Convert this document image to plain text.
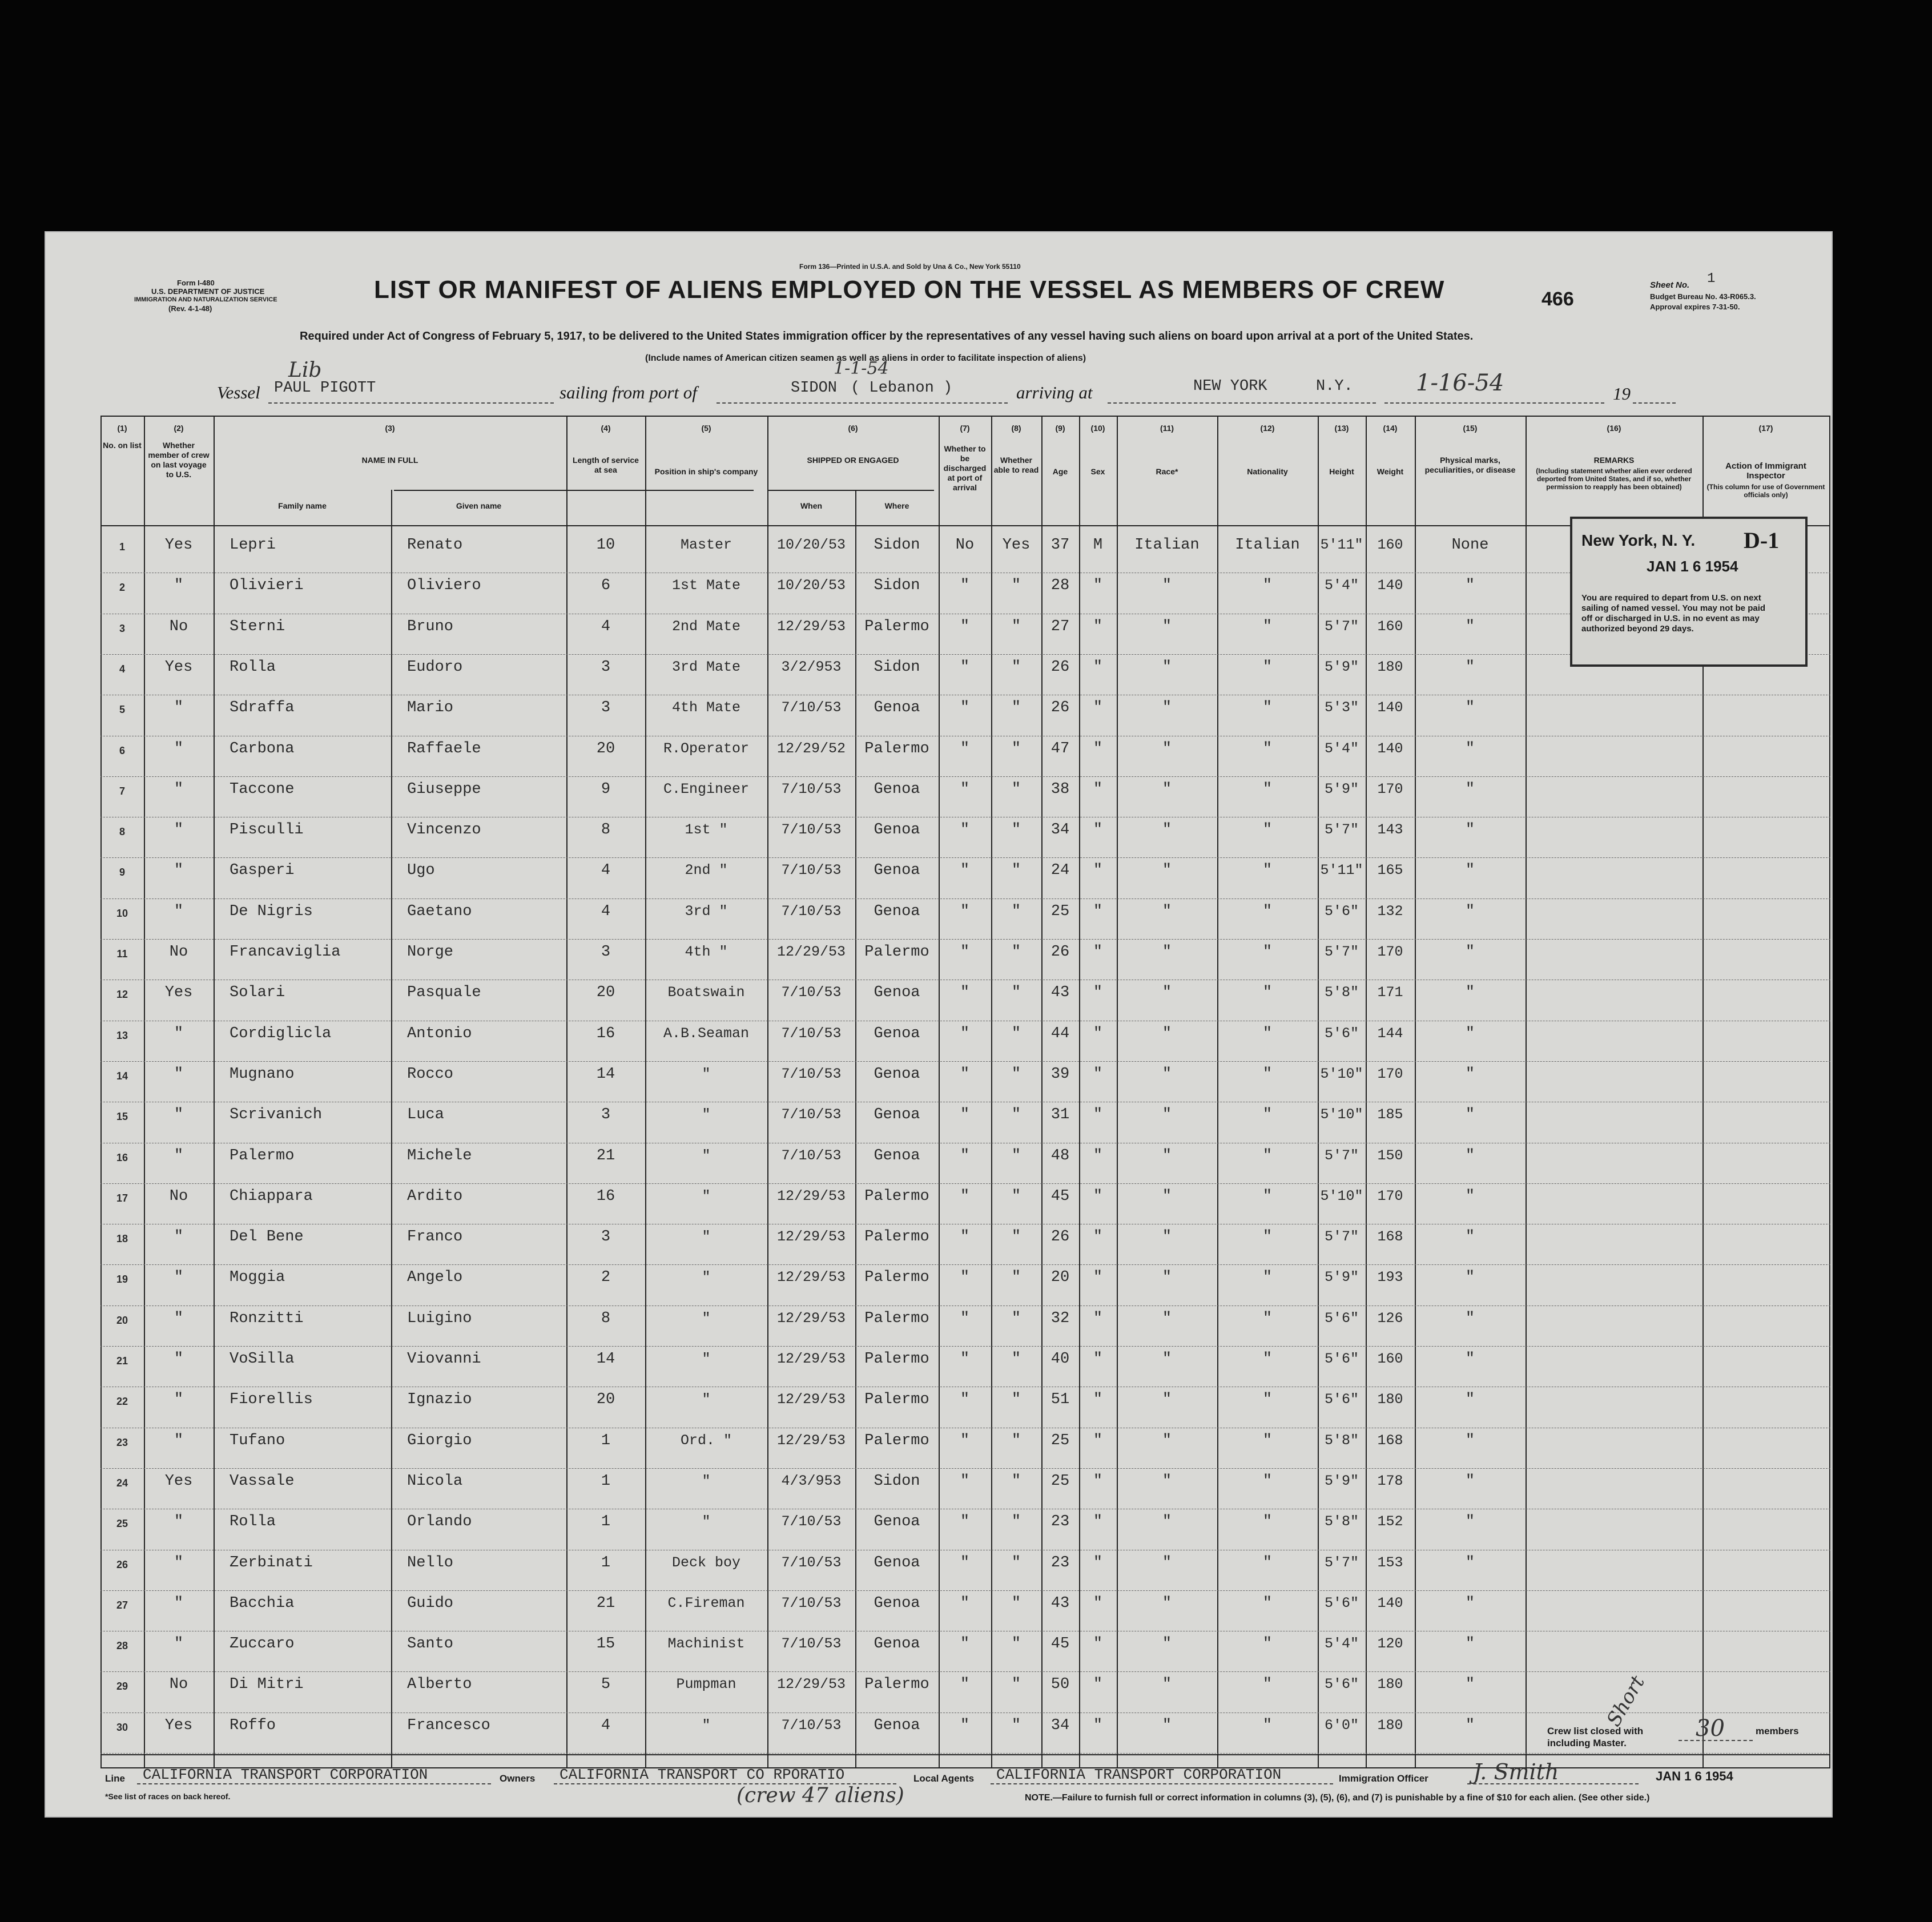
Form 136—Printed in U.S.A. and Sold by Una & Co., New York 55110
Form I-480
U.S. DEPARTMENT OF JUSTICE
IMMIGRATION AND NATURALIZATION SERVICE
(Rev. 4-1-48)
LIST OR MANIFEST OF ALIENS EMPLOYED ON THE VESSEL AS MEMBERS OF CREW	466
Sheet No. 1
Budget Bureau No. 43-R065.3.
Approval expires 7-31-50.
Required under Act of Congress of February 5, 1917, to be delivered to the United States immigration officer by the representatives of any vessel having such aliens on board upon arrival at a port of the United States.
(Include names of American citizen seamen as well as aliens in order to facilitate inspection of aliens)
Vessel
Lib
PAUL PIGOTT	sailing from port of
1-1-54
SIDON ( Lebanon )	arriving at	NEW YORK	N.Y.	1-16-54	19
(1)
No. on list
(2)
Whether member of crew on last voyage to U.S.
(3)
NAME IN FULL
Family name	Given name
(4)
Length of service at sea
(5)
Position in ship's company
(6)
SHIPPED OR ENGAGED
When	Where
(7)
Whether to be discharged at port of arrival
(8)
Whether able to read
(9)
Age
(10)
Sex
(11)
Race*
(12)
Nationality
(13)
Height
(14)
Weight
(15)
Physical marks, peculiarities, or disease
(16)
REMARKS
(Including statement whether alien ever ordered deported from United States, and if so, whether permission to reapply has been obtained)
(17)
Action of Immigrant Inspector
(This column for use of Government officials only)
1	Yes	Lepri	Renato	10	Master	10/20/53	Sidon	No	Yes	37	M	Italian	Italian	5'11" 160	None
2	"	Olivieri	Oliviero	6	1st Mate	10/20/53	Sidon	"	"	28	"	"	"	5'4"	140	"
3	No	Sterni	Bruno	4	2nd Mate	12/29/53	Palermo	"	"	27	"	"	"	5'7"	160	"
4	Yes	Rolla	Eudoro	3	3rd Mate	3/2/953	Sidon	"	"	26	"	"	"	5'9"	180	"
5	"	Sdraffa	Mario	3	4th Mate	7/10/53	Genoa	"	"	26	"	"	"	5'3"	140	"
6	"	Carbona	Raffaele	20	R.Operator	12/29/52	Palermo	"	"	47	"	"	"	5'4"	140	"
7	"	Taccone	Giuseppe	9	C.Engineer	7/10/53	Genoa	"	"	38	"	"	"	5'9"	170	"
8	"	Pisculli	Vincenzo	8	1st "	7/10/53	Genoa	"	"	34	"	"	"	5'7"	143	"
9	"	Gasperi	Ugo	4	2nd "	7/10/53	Genoa	"	"	24	"	"	"	5'11" 165	"
10	"	De Nigris	Gaetano	4	3rd "	7/10/53	Genoa	"	"	25	"	"	"	5'6"	132	"
11	No	Francaviglia	Norge	3	4th "	12/29/53	Palermo	"	"	26	"	"	"	5'7"	170	"
12	Yes	Solari	Pasquale	20	Boatswain	7/10/53	Genoa	"	"	43	"	"	"	5'8"	171	"
13	"	Cordiglicla	Antonio	16	A.B.Seaman	7/10/53	Genoa	"	"	44	"	"	"	5'6"	144	"
14	"	Mugnano	Rocco	14	"	7/10/53	Genoa	"	"	39	"	"	"	5'10" 170	"
15	"	Scrivanich	Luca	3	"	7/10/53	Genoa	"	"	31	"	"	"	5'10" 185	"
16	"	Palermo	Michele	21	"	7/10/53	Genoa	"	"	48	"	"	"	5'7"	150	"
17	No	Chiappara	Ardito	16	"	12/29/53	Palermo	"	"	45	"	"	"	5'10" 170	"
18	"	Del Bene	Franco	3	"	12/29/53	Palermo	"	"	26	"	"	"	5'7"	168	"
19	"	Moggia	Angelo	2	"	12/29/53	Palermo	"	"	20	"	"	"	5'9"	193	"
20	"	Ronzitti	Luigino	8	"	12/29/53	Palermo	"	"	32	"	"	"	5'6"	126	"
21	"	VoSilla	Viovanni	14	"	12/29/53	Palermo	"	"	40	"	"	"	5'6"	160	"
22	"	Fiorellis	Ignazio	20	"	12/29/53	Palermo	"	"	51	"	"	"	5'6"	180	"
23	"	Tufano	Giorgio	1	Ord. "	12/29/53	Palermo	"	"	25	"	"	"	5'8"	168	"
24	Yes	Vassale	Nicola	1	"	4/3/953	Sidon	"	"	25	"	"	"	5'9"	178	"
25	"	Rolla	Orlando	1	"	7/10/53	Genoa	"	"	23	"	"	"	5'8"	152	"
26	"	Zerbinati	Nello	1	Deck boy	7/10/53	Genoa	"	"	23	"	"	"	5'7"	153	"
27	"	Bacchia	Guido	21	C.Fireman	7/10/53	Genoa	"	"	43	"	"	"	5'6"	140	"
28	"	Zuccaro	Santo	15	Machinist	7/10/53	Genoa	"	"	45	"	"	"	5'4"	120	"
29	No	Di Mitri	Alberto	5	Pumpman	12/29/53	Palermo	"	"	50	"	"	"	5'6"	180	"
30	Yes	Roffo	Francesco	4	"	7/10/53	Genoa	"	"	34	"	"	"	6'0"	180	"
New York, N. Y. D-1
JAN 1 6 1954
You are required to depart from U.S. on next sailing of named vessel. You may not be paid off or discharged in U.S. in no event as may authorized beyond 29 days.
Crew list closed with 30	members
including Master.
Short
Line CALIFORNIA TRANSPORT CORPORATION	Owners CALIFORNIA TRANSPORT CO RPORATIO	Local Agents CALIFORNIA TRANSPORT CORPORATION	Immigration Officer J. Smith	JAN 1 6 1954
*See list of races on back hereof.	(crew 47 aliens)	NOTE.—Failure to furnish full or correct information in columns (3), (5), (6), and (7) is punishable by a fine of $10 for each alien. (See other side.)
